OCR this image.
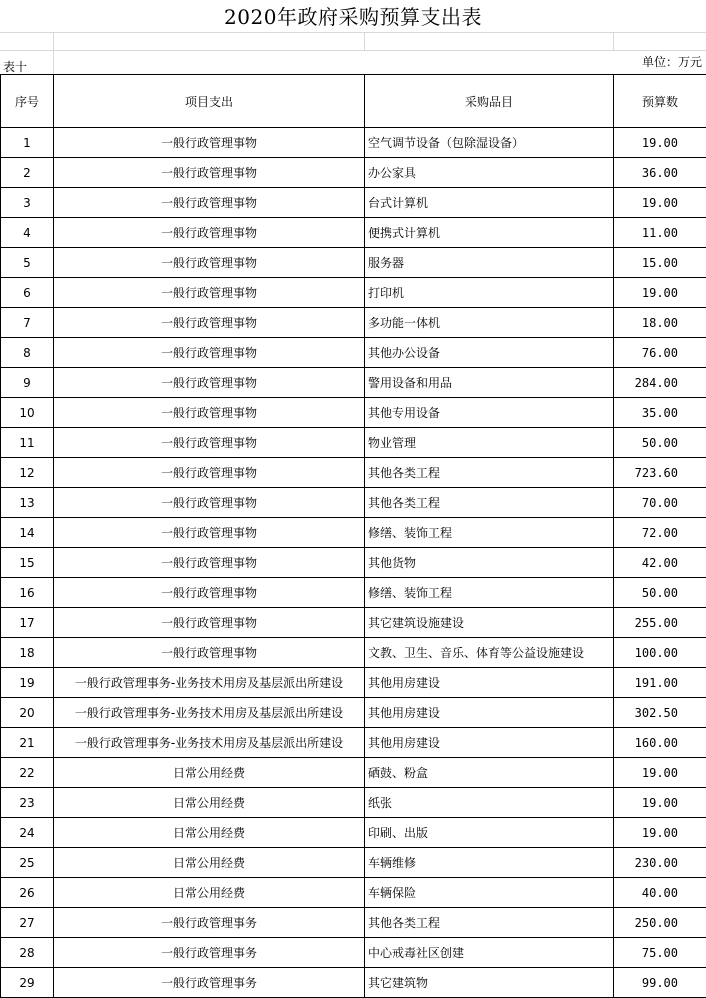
2020年政府采购预算支出表
表十	单位：万元
序号	项目支出	采购品目	预算数
1	一般行政管理事物	空气调节设备（包除湿设备）	19.00
2	一般行政管理事物	办公家具	36.00
3	一般行政管理事物	台式计算机	19.00
4	一般行政管理事物	便携式计算机	11.00
5	一般行政管理事物	服务器	15.00
6	一般行政管理事物	打印机	19.00
7	一般行政管理事物	多功能一体机	18.00
8	一般行政管理事物	其他办公设备	76.00
9	一般行政管理事物	警用设备和用品	284.00
10	一般行政管理事物	其他专用设备	35.00
11	一般行政管理事物	物业管理	50.00
12	一般行政管理事物	其他各类工程	723.60
13	一般行政管理事物	其他各类工程	70.00
14	一般行政管理事物	修缮、装饰工程	72.00
15	一般行政管理事物	其他货物	42.00
16	一般行政管理事物	修缮、装饰工程	50.00
17	一般行政管理事物	其它建筑设施建设	255.00
18	一般行政管理事物	文教、卫生、音乐、体育等公益设施建设	100.00
19	一般行政管理事务-业务技术用房及基层派出所建设	其他用房建设	191.00
20	一般行政管理事务-业务技术用房及基层派出所建设	其他用房建设	302.50
21	一般行政管理事务-业务技术用房及基层派出所建设	其他用房建设	160.00
22	日常公用经费	硒鼓、粉盒	19.00
23	日常公用经费	纸张	19.00
24	日常公用经费	印刷、出版	19.00
25	日常公用经费	车辆维修	230.00
26	日常公用经费	车辆保险	40.00
27	一般行政管理事务	其他各类工程	250.00
28	一般行政管理事务	中心戒毒社区创建	75.00
29	一般行政管理事务	其它建筑物	99.00
